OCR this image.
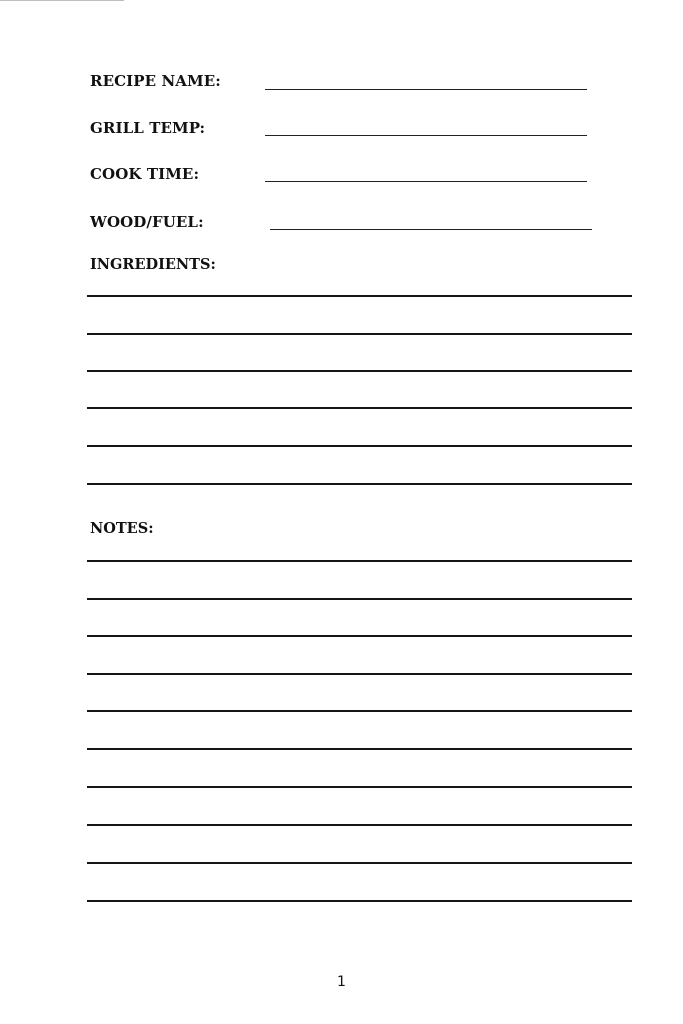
RECIPE NAME:
GRILL TEMP:
COOK TIME:
WOOD/FUEL:
INGREDIENTS:
NOTES:
1
